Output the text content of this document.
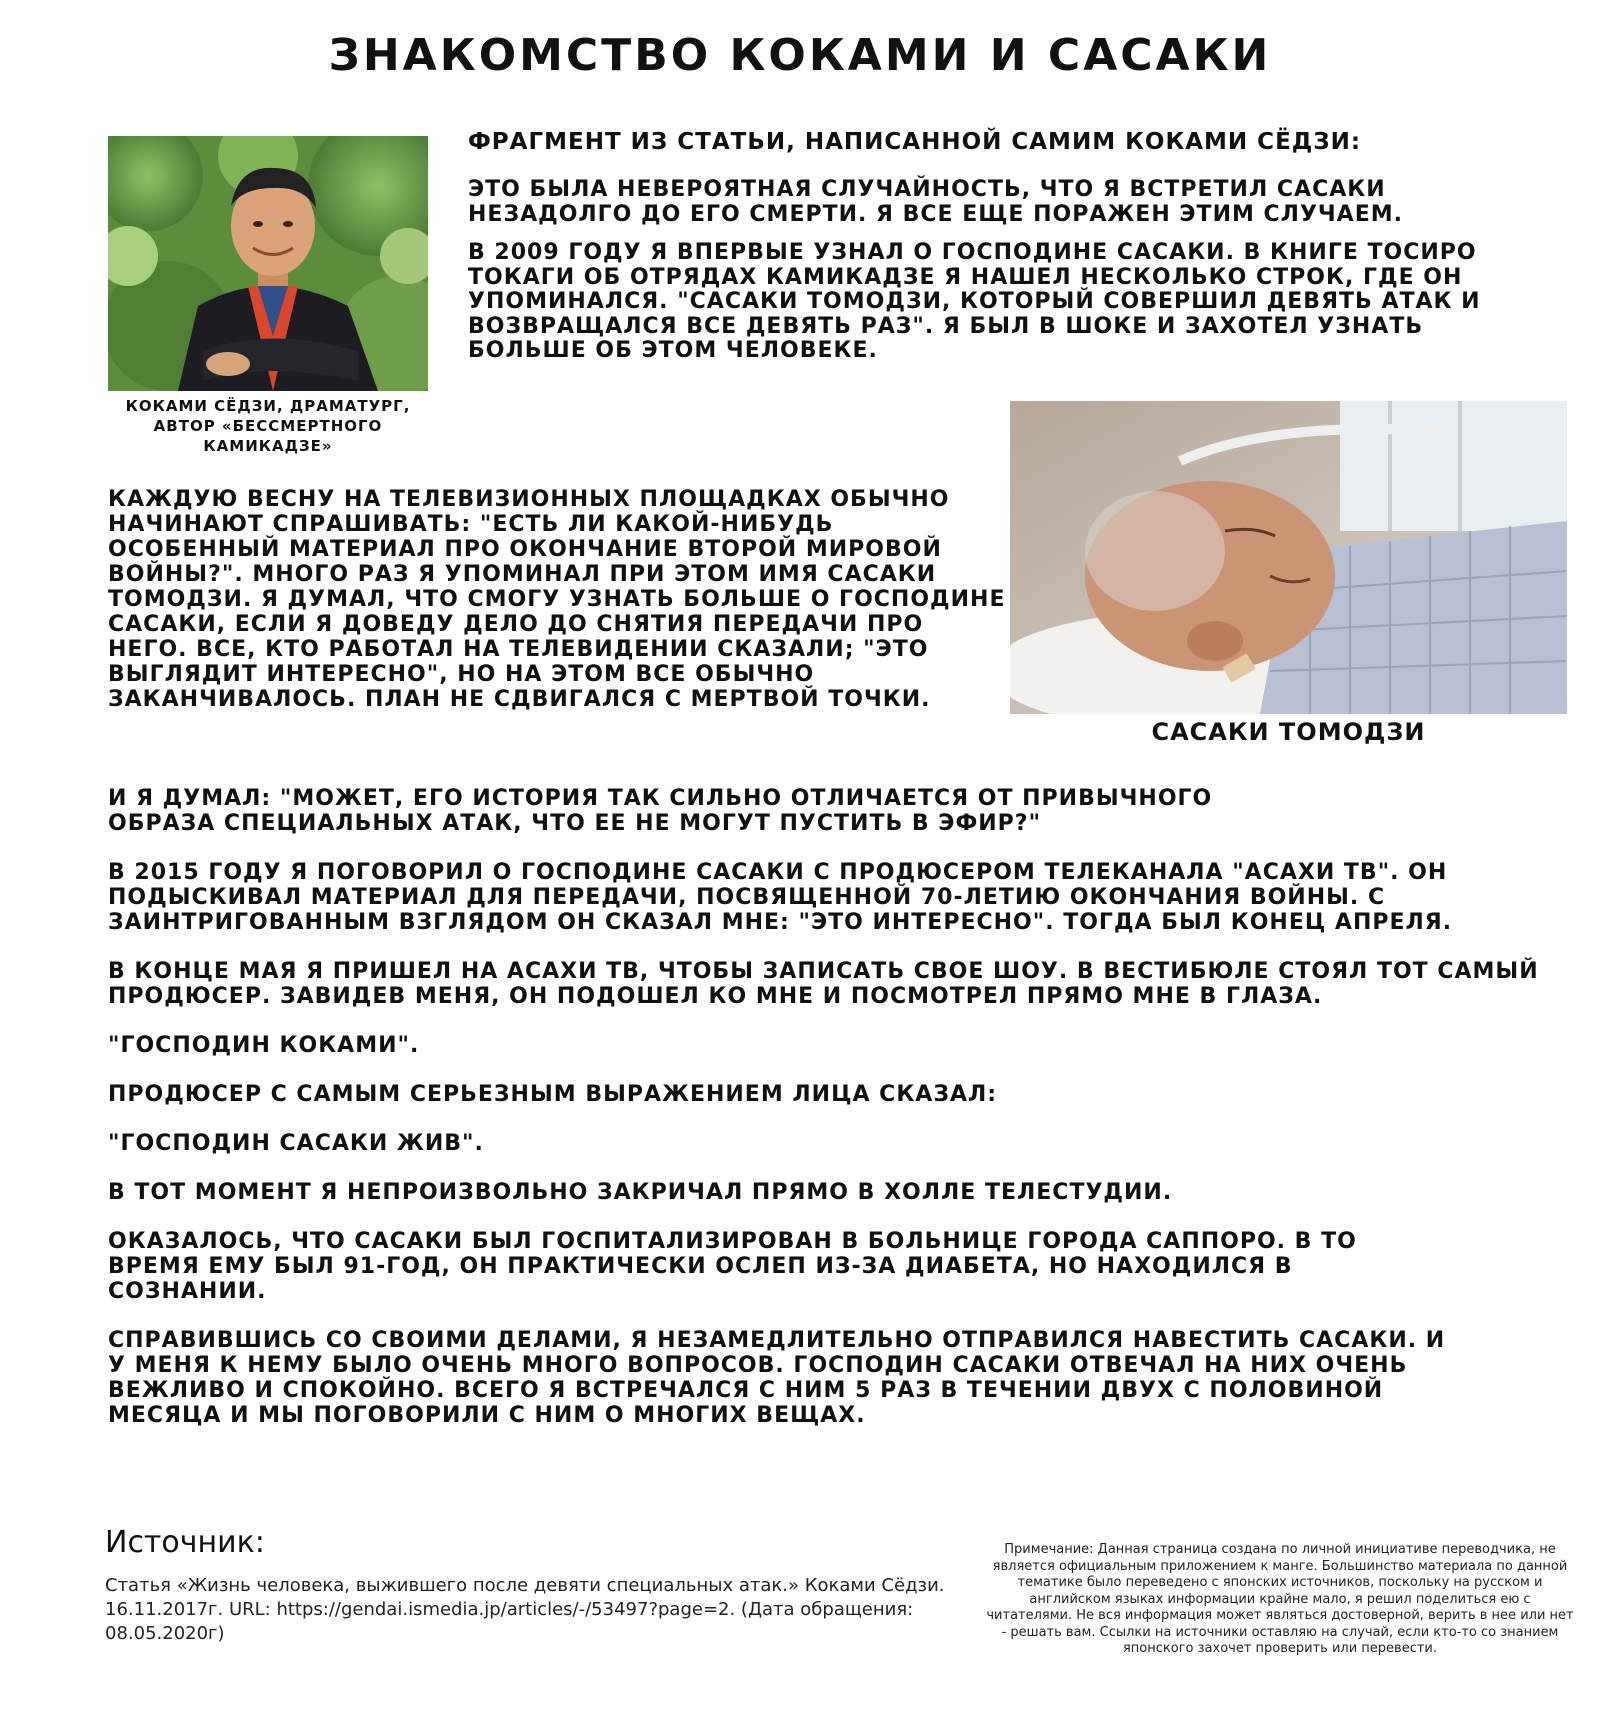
ЗНАКОМСТВО КОКАМИ И САСАКИ
КОКАМИ СЁДЗИ, ДРАМАТУРГ, АВТОР «БЕССМЕРТНОГО КАМИКАДЗЕ»
ФРАГМЕНТ ИЗ СТАТЬИ, НАПИСАННОЙ САМИМ КОКАМИ СЁДЗИ:

ЭТО БЫЛА НЕВЕРОЯТНАЯ СЛУЧАЙНОСТЬ, ЧТО Я ВСТРЕТИЛ САСАКИ НЕЗАДОЛГО ДО ЕГО СМЕРТИ. Я ВСЕ ЕЩЕ ПОРАЖЕН ЭТИМ СЛУЧАЕМ.

В 2009 ГОДУ Я ВПЕРВЫЕ УЗНАЛ О ГОСПОДИНЕ САСАКИ. В КНИГЕ ТОСИРО ТОКАГИ ОБ ОТРЯДАХ КАМИКАДЗЕ Я НАШЕЛ НЕСКОЛЬКО СТРОК, ГДЕ ОН УПОМИНАЛСЯ. "САСАКИ ТОМОДЗИ, КОТОРЫЙ СОВЕРШИЛ ДЕВЯТЬ АТАК И ВОЗВРАЩАЛСЯ ВСЕ ДЕВЯТЬ РАЗ". Я БЫЛ В ШОКЕ И ЗАХОТЕЛ УЗНАТЬ БОЛЬШЕ ОБ ЭТОМ ЧЕЛОВЕКЕ.

САСАКИ ТОМОДЗИ

КАЖДУЮ ВЕСНУ НА ТЕЛЕВИЗИОННЫХ ПЛОЩАДКАХ ОБЫЧНО НАЧИНАЮТ СПРАШИВАТЬ: "ЕСТЬ ЛИ КАКОЙ-НИБУДЬ ОСОБЕННЫЙ МАТЕРИАЛ ПРО ОКОНЧАНИЕ ВТОРОЙ МИРОВОЙ ВОЙНЫ?". МНОГО РАЗ Я УПОМИНАЛ ПРИ ЭТОМ ИМЯ САСАКИ ТОМОДЗИ. Я ДУМАЛ, ЧТО СМОГУ УЗНАТЬ БОЛЬШЕ О ГОСПОДИНЕ САСАКИ, ЕСЛИ Я ДОВЕДУ ДЕЛО ДО СНЯТИЯ ПЕРЕДАЧИ ПРО НЕГО. ВСЕ, КТО РАБОТАЛ НА ТЕЛЕВИДЕНИИ СКАЗАЛИ; "ЭТО ВЫГЛЯДИТ ИНТЕРЕСНО", НО НА ЭТОМ ВСЕ ОБЫЧНО ЗАКАНЧИВАЛОСЬ. ПЛАН НЕ СДВИГАЛСЯ С МЕРТВОЙ ТОЧКИ.

И Я ДУМАЛ: "МОЖЕТ, ЕГО ИСТОРИЯ ТАК СИЛЬНО ОТЛИЧАЕТСЯ ОТ ПРИВЫЧНОГО ОБРАЗА СПЕЦИАЛЬНЫХ АТАК, ЧТО ЕЕ НЕ МОГУТ ПУСТИТЬ В ЭФИР?"

В 2015 ГОДУ Я ПОГОВОРИЛ О ГОСПОДИНЕ САСАКИ С ПРОДЮСЕРОМ ТЕЛЕКАНАЛА "АСАХИ ТВ". ОН ПОДЫСКИВАЛ МАТЕРИАЛ ДЛЯ ПЕРЕДАЧИ, ПОСВЯЩЕННОЙ 70-ЛЕТИЮ ОКОНЧАНИЯ ВОЙНЫ. С ЗАИНТРИГОВАННЫМ ВЗГЛЯДОМ ОН СКАЗАЛ МНЕ: "ЭТО ИНТЕРЕСНО". ТОГДА БЫЛ КОНЕЦ АПРЕЛЯ.

В КОНЦЕ МАЯ Я ПРИШЕЛ НА АСАХИ ТВ, ЧТОБЫ ЗАПИСАТЬ СВОЕ ШОУ. В ВЕСТИБЮЛЕ СТОЯЛ ТОТ САМЫЙ ПРОДЮСЕР. ЗАВИДЕВ МЕНЯ, ОН ПОДОШЕЛ КО МНЕ И ПОСМОТРЕЛ ПРЯМО МНЕ В ГЛАЗА.

"ГОСПОДИН КОКАМИ".

ПРОДЮСЕР С САМЫМ СЕРЬЕЗНЫМ ВЫРАЖЕНИЕМ ЛИЦА СКАЗАЛ:

"ГОСПОДИН САСАКИ ЖИВ".

В ТОТ МОМЕНТ Я НЕПРОИЗВОЛЬНО ЗАКРИЧАЛ ПРЯМО В ХОЛЛЕ ТЕЛЕСТУДИИ.

ОКАЗАЛОСЬ, ЧТО САСАКИ БЫЛ ГОСПИТАЛИЗИРОВАН В БОЛЬНИЦЕ ГОРОДА САППОРО. В ТО ВРЕМЯ ЕМУ БЫЛ 91-ГОД, ОН ПРАКТИЧЕСКИ ОСЛЕП ИЗ-ЗА ДИАБЕТА, НО НАХОДИЛСЯ В СОЗНАНИИ.

СПРАВИВШИСЬ СО СВОИМИ ДЕЛАМИ, Я НЕЗАМЕДЛИТЕЛЬНО ОТПРАВИЛСЯ НАВЕСТИТЬ САСАКИ. И У МЕНЯ К НЕМУ БЫЛО ОЧЕНЬ МНОГО ВОПРОСОВ. ГОСПОДИН САСАКИ ОТВЕЧАЛ НА НИХ ОЧЕНЬ ВЕЖЛИВО И СПОКОЙНО. ВСЕГО Я ВСТРЕЧАЛСЯ С НИМ 5 РАЗ В ТЕЧЕНИИ ДВУХ С ПОЛОВИНОЙ МЕСЯЦА И МЫ ПОГОВОРИЛИ С НИМ О МНОГИХ ВЕЩАХ.

Источник:
Статья «Жизнь человека, выжившего после девяти специальных атак.» Коками Сёдзи. 16.11.2017г. URL: https://gendai.ismedia.jp/articles/-/53497?page=2. (Дата обращения: 08.05.2020г)
Примечание: Данная страница создана по личной инициативе переводчика, не является официальным приложением к манге. Большинство материала по данной тематике было переведено с японских источников, поскольку на русском и английском языках информации крайне мало, я решил поделиться ею с читателями. Не вся информация может являться достоверной, верить в нее или нет - решать вам. Ссылки на источники оставляю на случай, если кто-то со знанием японского захочет проверить или перевести.
